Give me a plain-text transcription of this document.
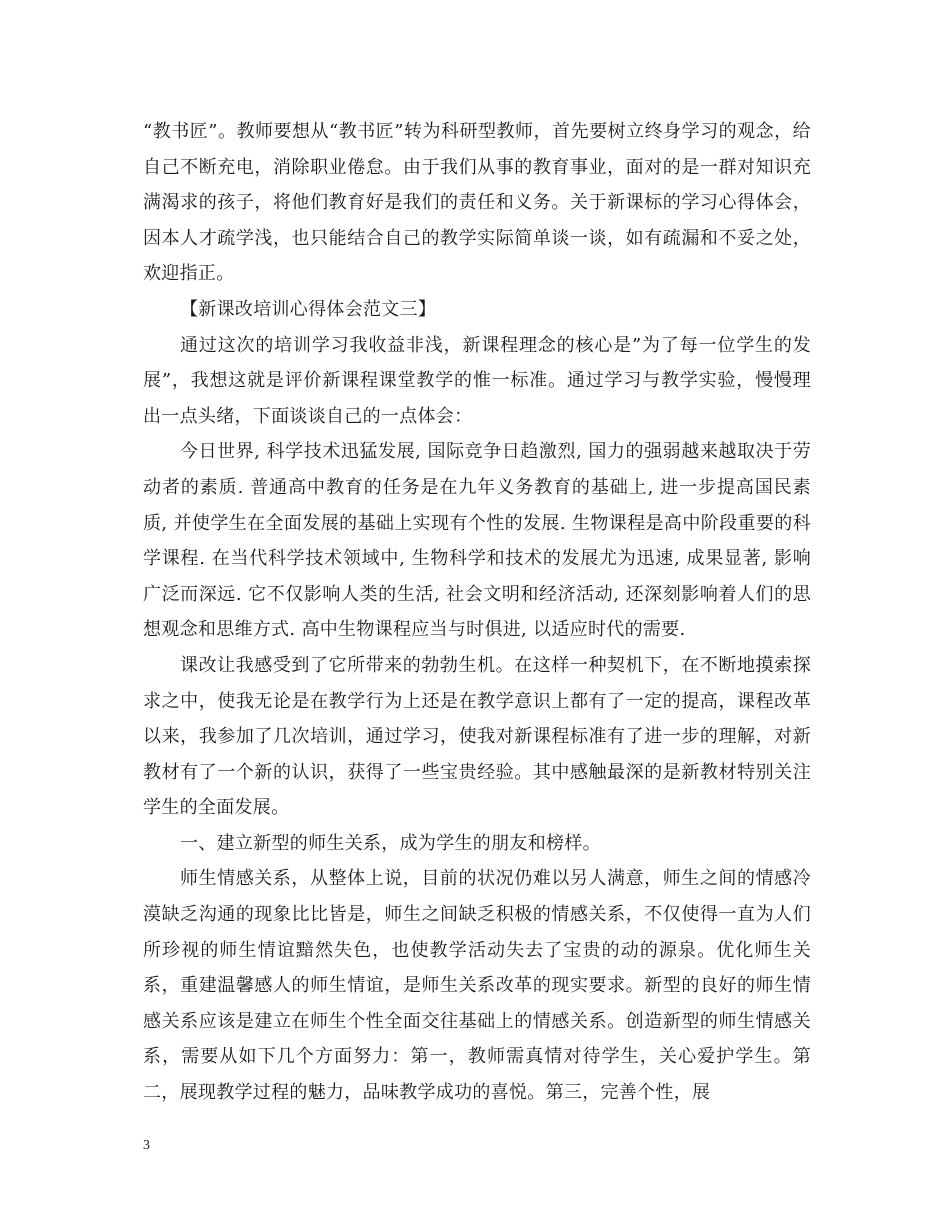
“教书匠”。教师要想从“教书匠”转为科研型教师，首先要树立终身学习的观念，给自己不断充电，消除职业倦怠。由于我们从事的教育事业，面对的是一群对知识充满渴求的孩子，将他们教育好是我们的责任和义务。关于新课标的学习心得体会，因本人才疏学浅，也只能结合自己的教学实际简单谈一谈，如有疏漏和不妥之处，欢迎指正。

【新课改培训心得体会范文三】

通过这次的培训学习我收益非浅，新课程理念的核心是”为了每一位学生的发展”，我想这就是评价新课程课堂教学的惟一标准。通过学习与教学实验，慢慢理出一点头绪，下面谈谈自己的一点体会：

今日世界, 科学技术迅猛发展, 国际竞争日趋激烈, 国力的强弱越来越取决于劳动者的素质. 普通高中教育的任务是在九年义务教育的基础上, 进一步提高国民素质, 并使学生在全面发展的基础上实现有个性的发展. 生物课程是高中阶段重要的科学课程. 在当代科学技术领域中, 生物科学和技术的发展尤为迅速, 成果显著, 影响广泛而深远. 它不仅影响人类的生活, 社会文明和经济活动, 还深刻影响着人们的思想观念和思维方式. 高中生物课程应当与时俱进, 以适应时代的需要.

课改让我感受到了它所带来的勃勃生机。在这样一种契机下，在不断地摸索探求之中，使我无论是在教学行为上还是在教学意识上都有了一定的提高，课程改革以来，我参加了几次培训，通过学习，使我对新课程标准有了进一步的理解，对新教材有了一个新的认识，获得了一些宝贵经验。其中感触最深的是新教材特别关注学生的全面发展。

一、建立新型的师生关系，成为学生的朋友和榜样。

师生情感关系，从整体上说，目前的状况仍难以另人满意，师生之间的情感冷漠缺乏沟通的现象比比皆是，师生之间缺乏积极的情感关系，不仅使得一直为人们所珍视的师生情谊黯然失色，也使教学活动失去了宝贵的动的源泉。优化师生关系，重建温馨感人的师生情谊，是师生关系改革的现实要求。新型的良好的师生情感关系应该是建立在师生个性全面交往基础上的情感关系。创造新型的师生情感关系，需要从如下几个方面努力：第一，教师需真情对待学生，关心爱护学生。第二，展现教学过程的魅力，品味教学成功的喜悦。第三，完善个性，展

3
